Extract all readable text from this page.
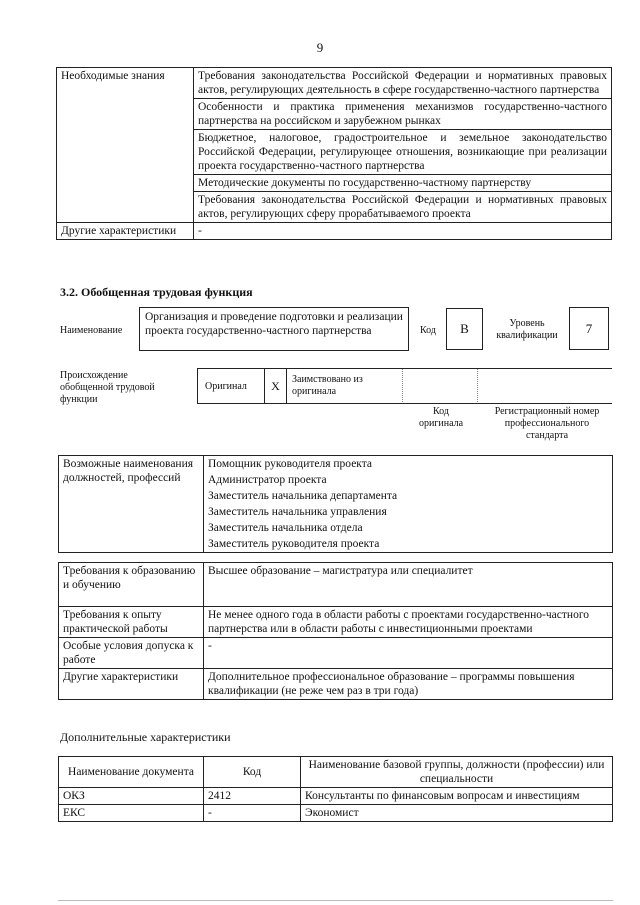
9
Необходимые знания	Требования законодательства Российской Федерации и нормативных правовых актов, регулирующих деятельность в сфере государственно-частного партнерства
	Особенности и практика применения механизмов государственно-частного партнерства на российском и зарубежном рынках
	Бюджетное, налоговое, градостроительное и земельное законодательство Российской Федерации, регулирующее отношения, возникающие при реализации проекта государственно-частного партнерства
	Методические документы по государственно-частному партнерству
	Требования законодательства Российской Федерации и нормативных правовых актов, регулирующих сферу прорабатываемого проекта
Другие характеристики	-
3.2. Обобщенная трудовая функция
Наименование
Организация и проведение подготовки и реализации проекта государственно-частного партнерства	Код	B	Уровень квалификации	7
Происхождение обобщенной трудовой функции
Оригинал	X	Заимствовано из оригинала
Код оригинала
Регистрационный номер профессионального стандарта
Возможные наименования должностей, профессий	Помощник руководителя проекта
Администратор проекта
Заместитель начальника департамента
Заместитель начальника управления
Заместитель начальника отдела
Заместитель руководителя проекта
Требования к образованию и обучению	Высшее образование – магистратура или специалитет
Требования к опыту практической работы	Не менее одного года в области работы с проектами государственно-частного партнерства или в области работы с инвестиционными проектами
Особые условия допуска к работе	-
Другие характеристики	Дополнительное профессиональное образование – программы повышения квалификации (не реже чем раз в три года)
Дополнительные характеристики
Наименование документа	Код	Наименование базовой группы, должности (профессии) или специальности
ОКЗ	2412	Консультанты по финансовым вопросам и инвестициям
ЕКС	-	Экономист
